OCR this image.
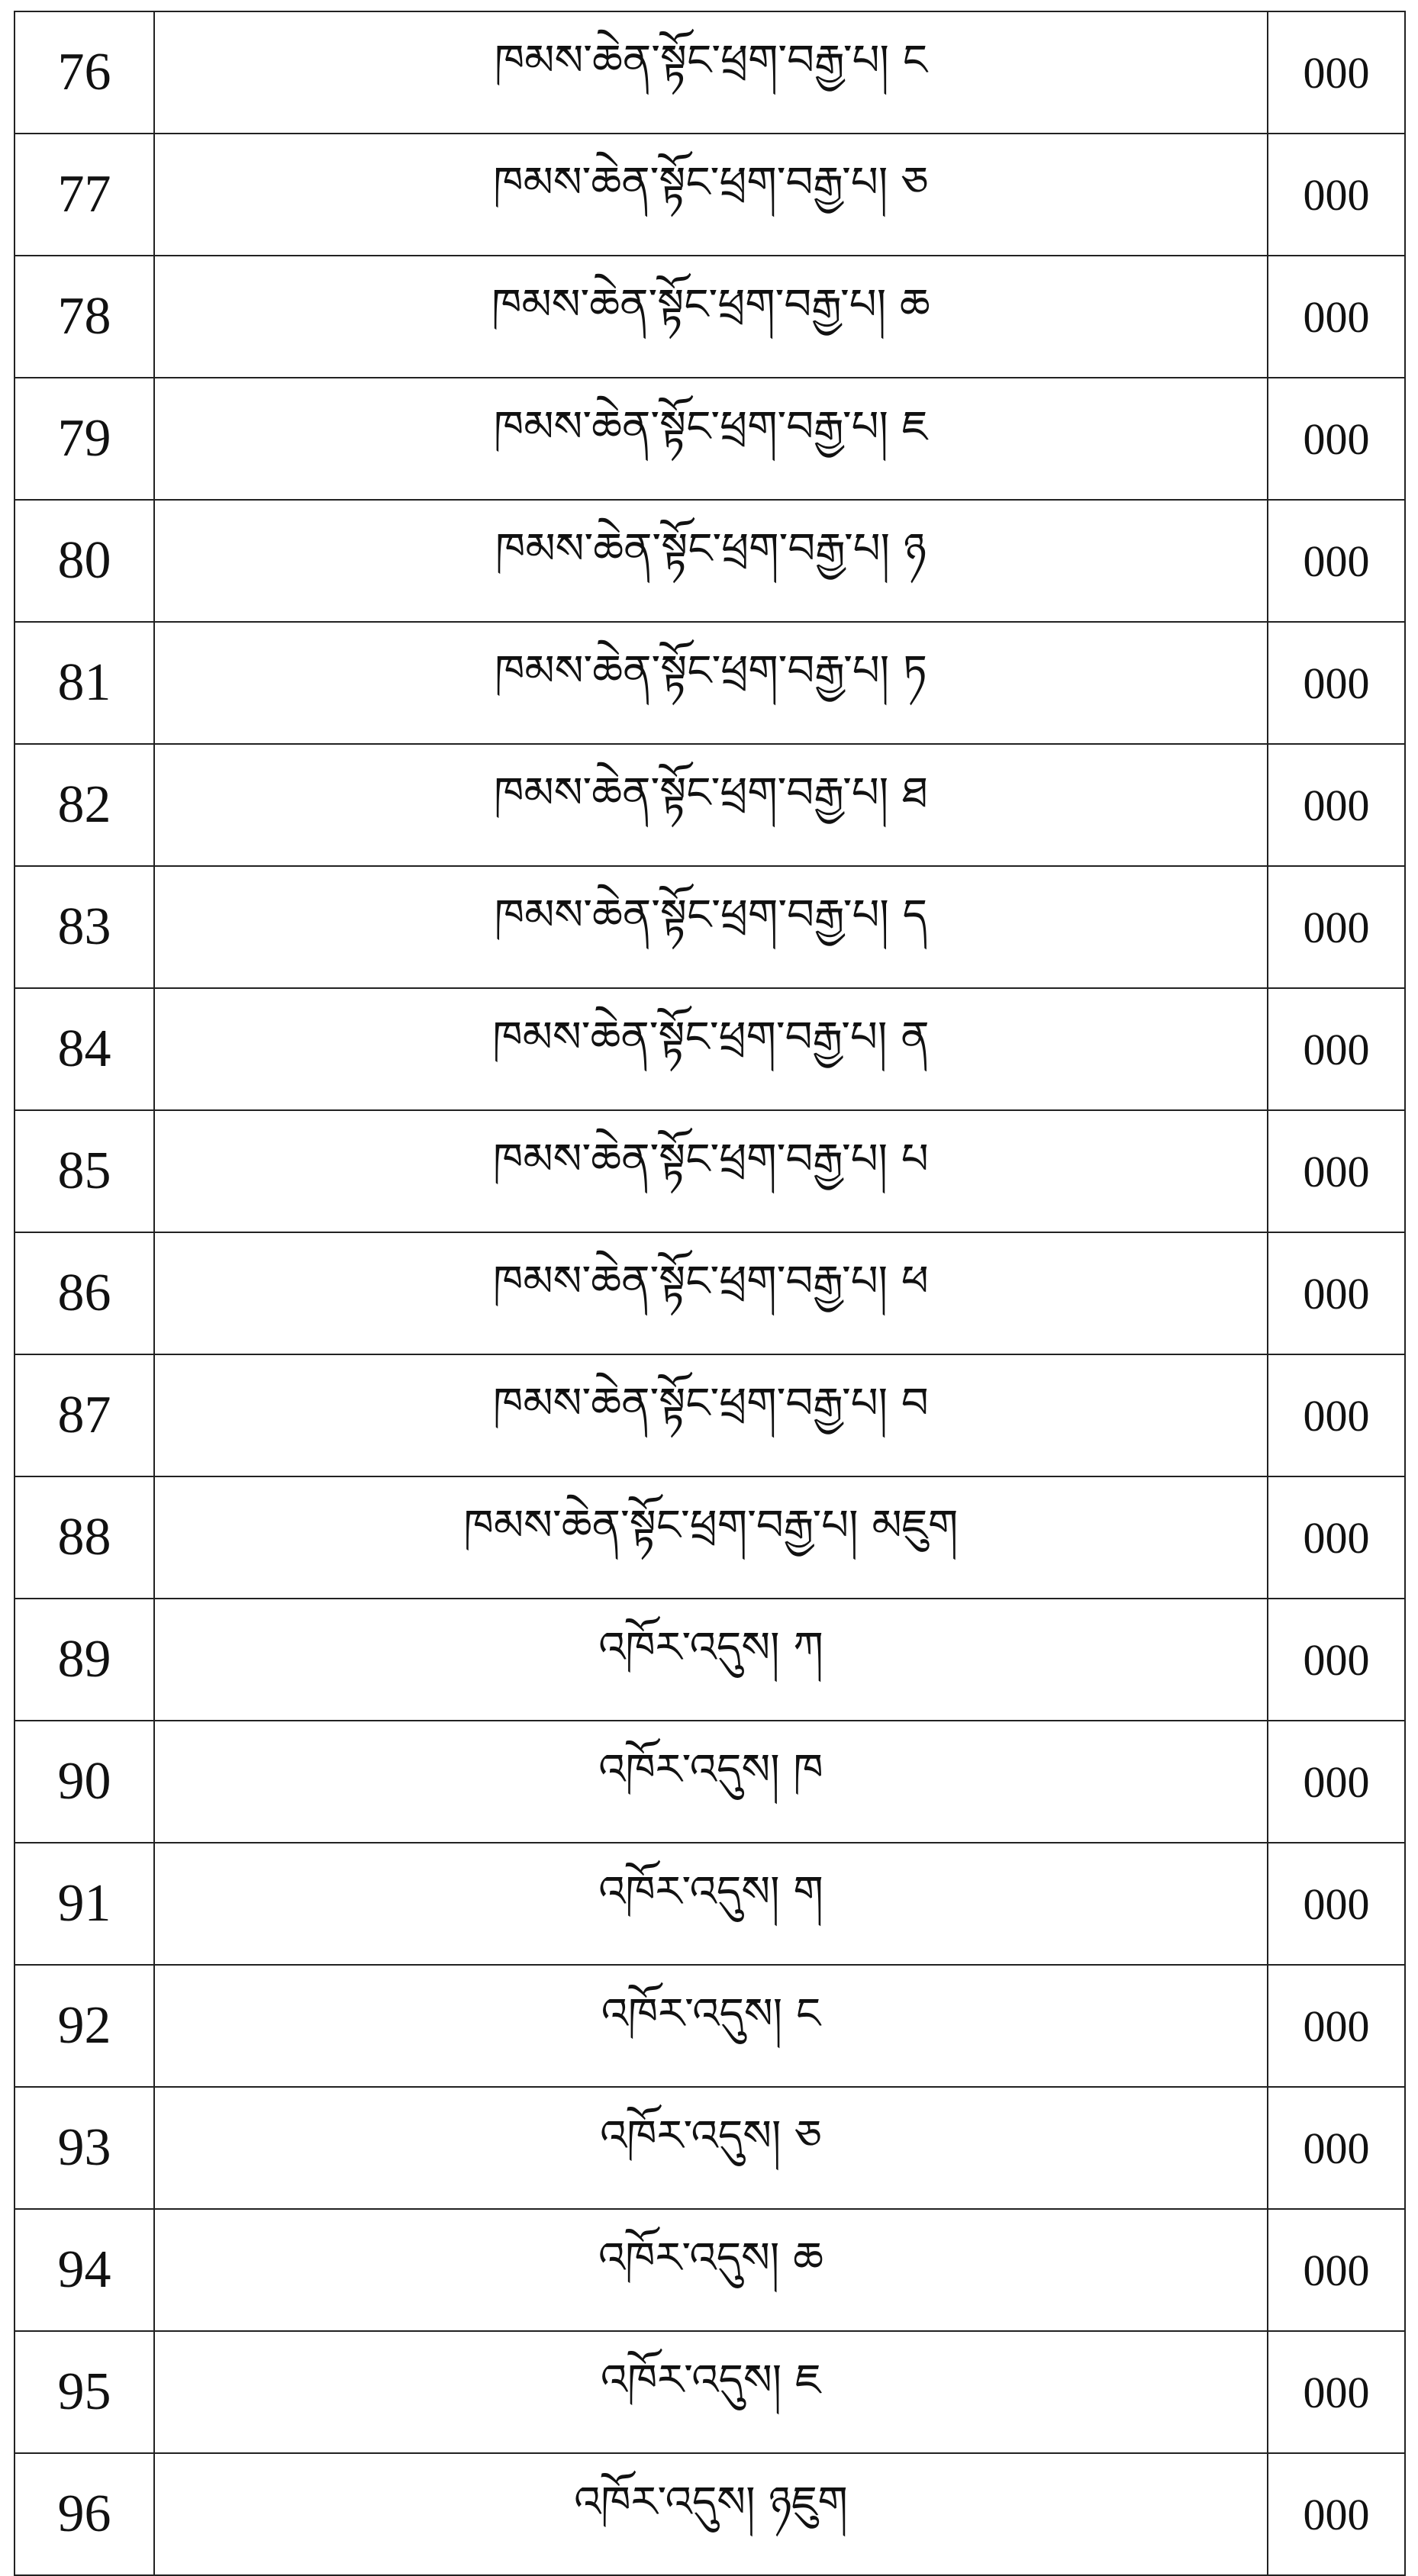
76	ཁམས་ཆེན་སྟོང་ཕྲག་བརྒྱ་པ། ང	000
77	ཁམས་ཆེན་སྟོང་ཕྲག་བརྒྱ་པ། ཅ	000
78	ཁམས་ཆེན་སྟོང་ཕྲག་བརྒྱ་པ། ཆ	000
79	ཁམས་ཆེན་སྟོང་ཕྲག་བརྒྱ་པ། ཇ	000
80	ཁམས་ཆེན་སྟོང་ཕྲག་བརྒྱ་པ། ཉ	000
81	ཁམས་ཆེན་སྟོང་ཕྲག་བརྒྱ་པ། ཏ	000
82	ཁམས་ཆེན་སྟོང་ཕྲག་བརྒྱ་པ། ཐ	000
83	ཁམས་ཆེན་སྟོང་ཕྲག་བརྒྱ་པ། ད	000
84	ཁམས་ཆེན་སྟོང་ཕྲག་བརྒྱ་པ། ན	000
85	ཁམས་ཆེན་སྟོང་ཕྲག་བརྒྱ་པ། པ	000
86	ཁམས་ཆེན་སྟོང་ཕྲག་བརྒྱ་པ། ཕ	000
87	ཁམས་ཆེན་སྟོང་ཕྲག་བརྒྱ་པ། བ	000
88	ཁམས་ཆེན་སྟོང་ཕྲག་བརྒྱ་པ། མཇུག	000
89	འཁོར་འདུས། ཀ	000
90	འཁོར་འདུས། ཁ	000
91	འཁོར་འདུས། ག	000
92	འཁོར་འདུས། ང	000
93	འཁོར་འདུས། ཅ	000
94	འཁོར་འདུས། ཆ	000
95	འཁོར་འདུས། ཇ	000
96	འཁོར་འདུས། ཉཇུག	000
